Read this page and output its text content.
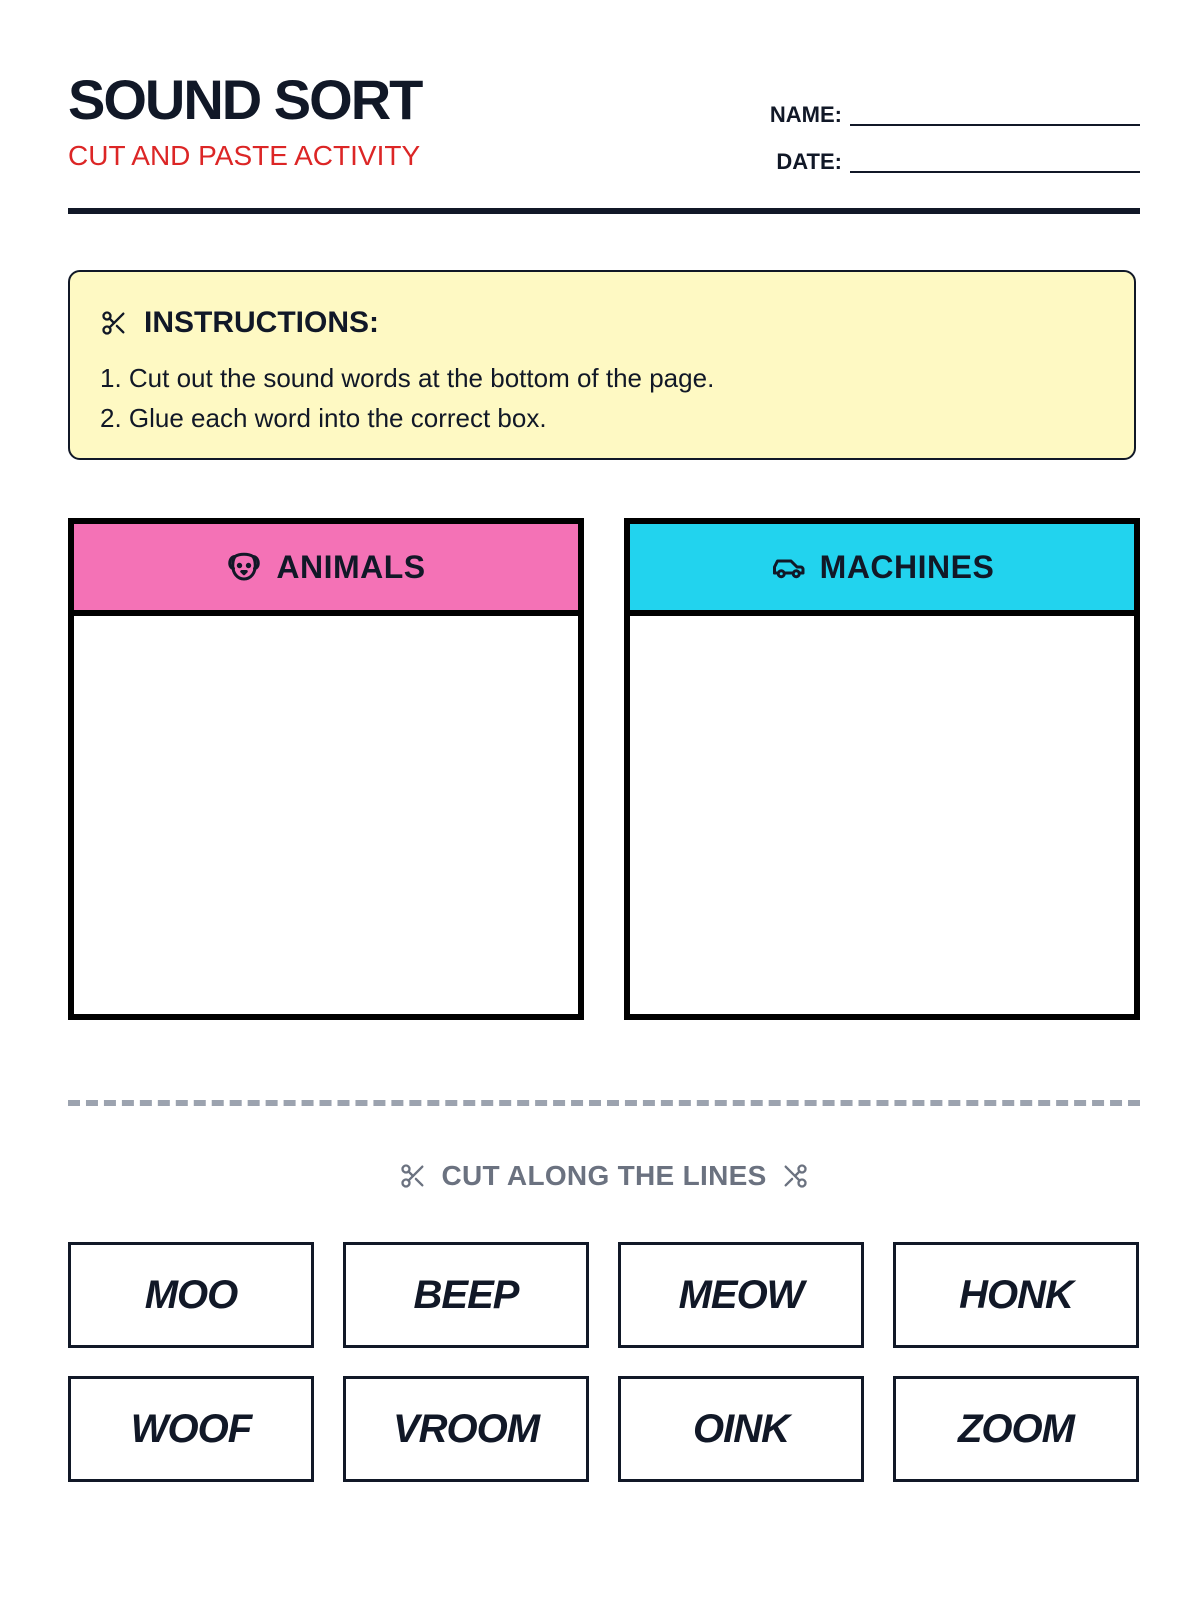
SOUND SORT
CUT AND PASTE ACTIVITY
NAME:
DATE:
INSTRUCTIONS:
1. Cut out the sound words at the bottom of the page.
2. Glue each word into the correct box.
ANIMALS	MACHINES
CUT ALONG THE LINES
MOO	BEEP	MEOW	HONK
WOOF	VROOM	OINK	ZOOM
